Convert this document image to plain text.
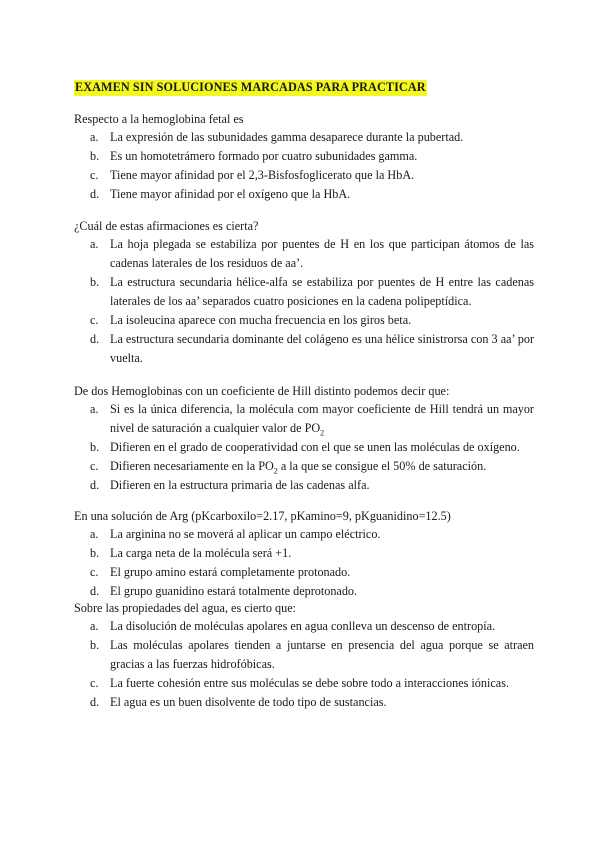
EXAMEN SIN SOLUCIONES MARCADAS PARA PRACTICAR
Respecto a la hemoglobina fetal es
a. La expresión de las subunidades gamma desaparece durante la pubertad.
b. Es un homotetrámero formado por cuatro subunidades gamma.
c. Tiene mayor afinidad por el 2,3-Bisfosfoglicerato que la HbA.
d. Tiene mayor afinidad por el oxígeno que la HbA.
¿Cuál de estas afirmaciones es cierta?
a. La hoja plegada se estabiliza por puentes de H en los que participan átomos de las cadenas laterales de los residuos de aa’.
b. La estructura secundaria hélice-alfa se estabiliza por puentes de H entre las cadenas laterales de los aa’ separados cuatro posiciones en la cadena polipeptídica.
c. La isoleucina aparece con mucha frecuencia en los giros beta.
d. La estructura secundaria dominante del colágeno es una hélice sinistrorsa con 3 aa’ por vuelta.
De dos Hemoglobinas con un coeficiente de Hill distinto podemos decir que:
a. Si es la única diferencia, la molécula com mayor coeficiente de Hill tendrá un mayor nivel de saturación a cualquier valor de $PO_2$
b. Difieren en el grado de cooperatividad con el que se unen las moléculas de oxígeno.
c. Difieren necesariamente en la $PO_2$ a la que se consigue el 50% de saturación.
d. Difieren en la estructura primaria de las cadenas alfa.
En una solución de Arg (pKcarboxilo=2.17, pKamino=9, pKguanidino=12.5)
a. La arginina no se moverá al aplicar un campo eléctrico.
b. La carga neta de la molécula será +1.
c. El grupo amino estará completamente protonado.
d. El grupo guanidino estará totalmente deprotonado.
Sobre las propiedades del agua, es cierto que:
a. La disolución de moléculas apolares en agua conlleva un descenso de entropía.
b. Las moléculas apolares tienden a juntarse en presencia del agua porque se atraen gracias a las fuerzas hidrofóbicas.
c. La fuerte cohesión entre sus moléculas se debe sobre todo a interacciones iónicas.
d. El agua es un buen disolvente de todo tipo de sustancias.
